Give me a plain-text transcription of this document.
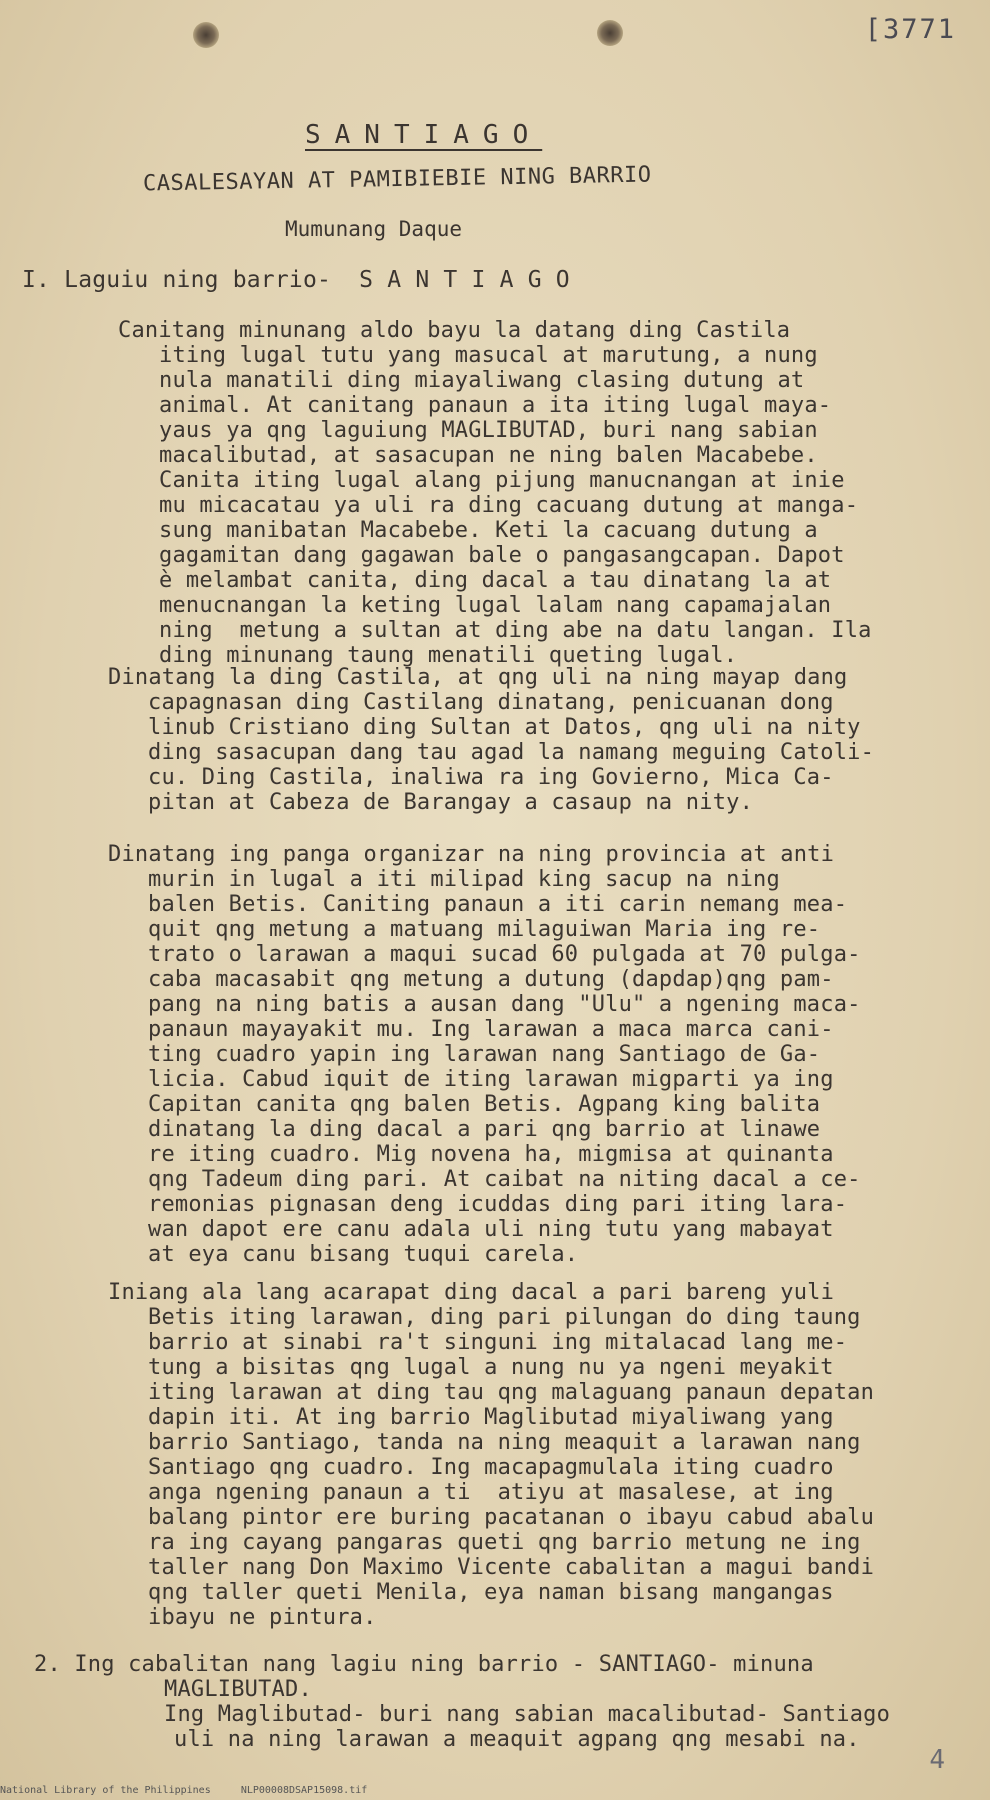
[3771
SANTIAGO
CASALESAYAN AT PAMIBIEBIE NING BARRIO
Mumunang Daque
I. Laguiu ning barrio-  S A N T I A G O
Canitang minunang aldo bayu la datang ding Castila
iting lugal tutu yang masucal at marutung, a nung
nula manatili ding miayaliwang clasing dutung at
animal. At canitang panaun a ita iting lugal maya-
yaus ya qng laguiung MAGLIBUTAD, buri nang sabian
macalibutad, at sasacupan ne ning balen Macabebe.
Canita iting lugal alang pijung manucnangan at inie
mu micacatau ya uli ra ding cacuang dutung at manga-
sung manibatan Macabebe. Keti la cacuang dutung a
gagamitan dang gagawan bale o pangasangcapan. Dapot
è melambat canita, ding dacal a tau dinatang la at
menucnangan la keting lugal lalam nang capamajalan
ning  metung a sultan at ding abe na datu langan. Ila
ding minunang taung menatili queting lugal.
Dinatang la ding Castila, at qng uli na ning mayap dang
capagnasan ding Castilang dinatang, penicuanan dong
linub Cristiano ding Sultan at Datos, qng uli na nity
ding sasacupan dang tau agad la namang meguing Catoli-
cu. Ding Castila, inaliwa ra ing Govierno, Mica Ca-
pitan at Cabeza de Barangay a casaup na nity.
Dinatang ing panga organizar na ning provincia at anti
murin in lugal a iti milipad king sacup na ning
balen Betis. Caniting panaun a iti carin nemang mea-
quit qng metung a matuang milaguiwan Maria ing re-
trato o larawan a maqui sucad 60 pulgada at 70 pulga-
caba macasabit qng metung a dutung (dapdap)qng pam-
pang na ning batis a ausan dang "Ulu" a ngening maca-
panaun mayayakit mu. Ing larawan a maca marca cani-
ting cuadro yapin ing larawan nang Santiago de Ga-
licia. Cabud iquit de iting larawan migparti ya ing
Capitan canita qng balen Betis. Agpang king balita
dinatang la ding dacal a pari qng barrio at linawe
re iting cuadro. Mig novena ha, migmisa at quinanta
qng Tadeum ding pari. At caibat na niting dacal a ce-
remonias pignasan deng icuddas ding pari iting lara-
wan dapot ere canu adala uli ning tutu yang mabayat
at eya canu bisang tuqui carela.
Iniang ala lang acarapat ding dacal a pari bareng yuli
Betis iting larawan, ding pari pilungan do ding taung
barrio at sinabi ra't singuni ing mitalacad lang me-
tung a bisitas qng lugal a nung nu ya ngeni meyakit
iting larawan at ding tau qng malaguang panaun depatan
dapin iti. At ing barrio Maglibutad miyaliwang yang
barrio Santiago, tanda na ning meaquit a larawan nang
Santiago qng cuadro. Ing macapagmulala iting cuadro
anga ngening panaun a ti  atiyu at masalese, at ing
balang pintor ere buring pacatanan o ibayu cabud abalu
ra ing cayang pangaras queti qng barrio metung ne ing
taller nang Don Maximo Vicente cabalitan a magui bandi
qng taller queti Menila, eya naman bisang mangangas
ibayu ne pintura.
2. Ing cabalitan nang lagiu ning barrio - SANTIAGO- minuna
MAGLIBUTAD.
Ing Maglibutad- buri nang sabian macalibutad- Santiago
uli na ning larawan a meaquit agpang qng mesabi na.
4
National Library of the Philippines     NLP00008DSAP15098.tif
